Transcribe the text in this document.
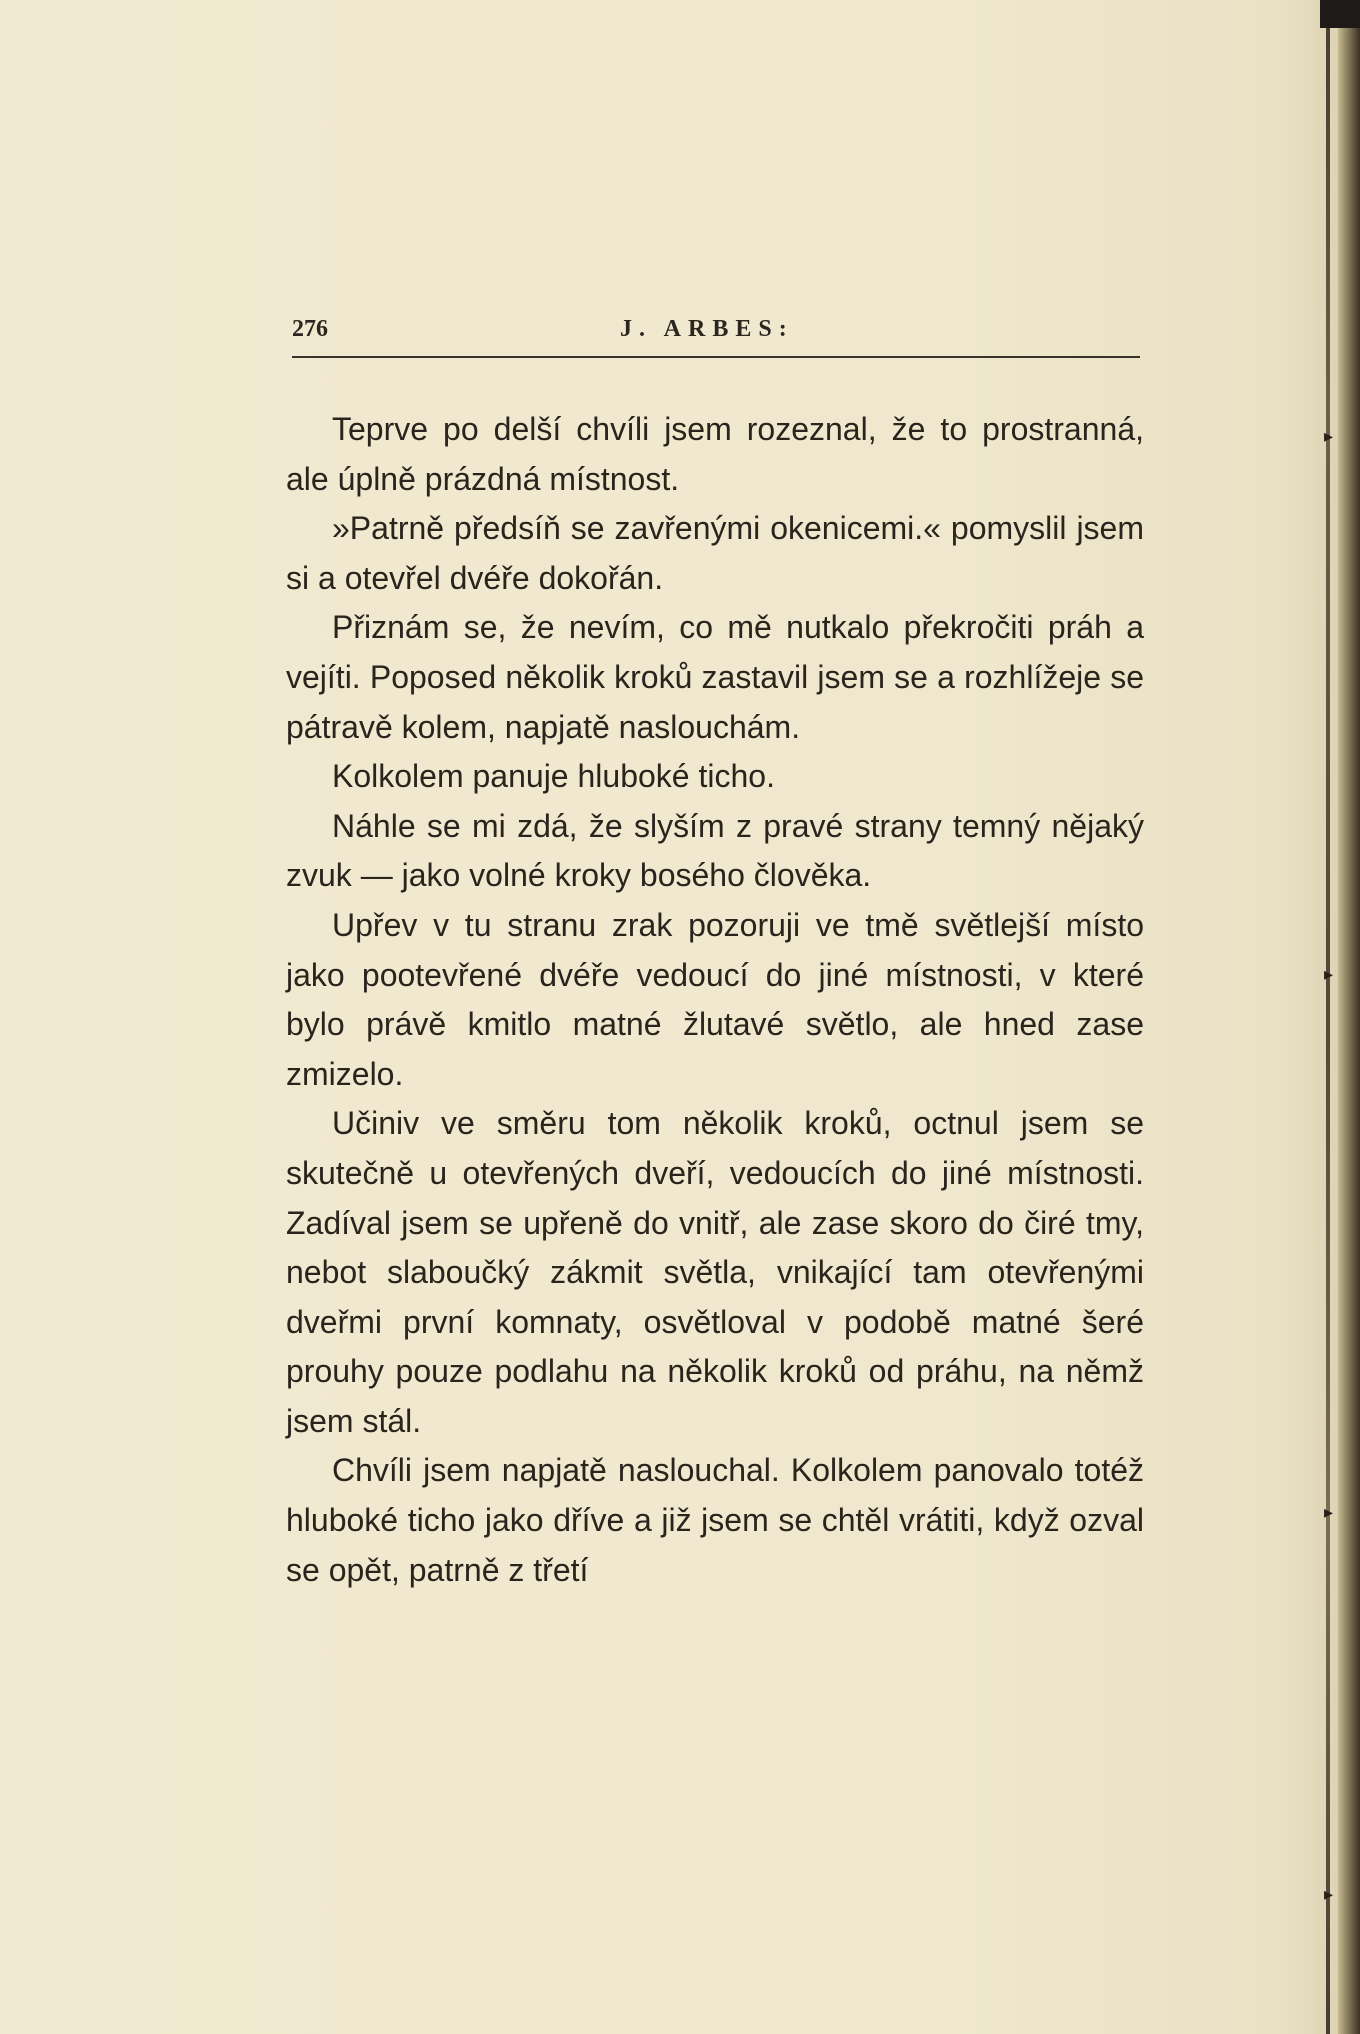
▸
▸
▸
▸
276	J. ARBES:

Teprve po delší chvíli jsem rozeznal, že to prostranná, ale úplně prázdná místnost.

»Patrně předsíň se zavřenými okenicemi.« pomyslil jsem si a otevřel dvéře dokořán.

Přiznám se, že nevím, co mě nutkalo překročiti práh a vejíti. Poposed několik kroků zastavil jsem se a rozhlížeje se pátravě kolem, napjatě naslouchám.

Kolkolem panuje hluboké ticho.

Náhle se mi zdá, že slyším z pravé strany temný nějaký zvuk — jako volné kroky bosého člověka.

Upřev v tu stranu zrak pozoruji ve tmě světlejší místo jako pootevřené dvéře vedoucí do jiné místnosti, v které bylo právě kmitlo matné žlutavé světlo, ale hned zase zmizelo.

Učiniv ve směru tom několik kroků, octnul jsem se skutečně u otevřených dveří, vedoucích do jiné místnosti. Zadíval jsem se upřeně do vnitř, ale zase skoro do čiré tmy, nebot slabоučký zákmit světla, vnikající tam otevřenými dveřmi první komnaty, osvětloval v podobě matné šeré prouhy pouze podlahu na několik kroků od práhu, na němž jsem stál.

Chvíli jsem napjatě naslouchal. Kolkolem panovalo totéž hluboké ticho jako dříve a již jsem se chtěl vrátiti, když ozval se opět, patrně z třetí
